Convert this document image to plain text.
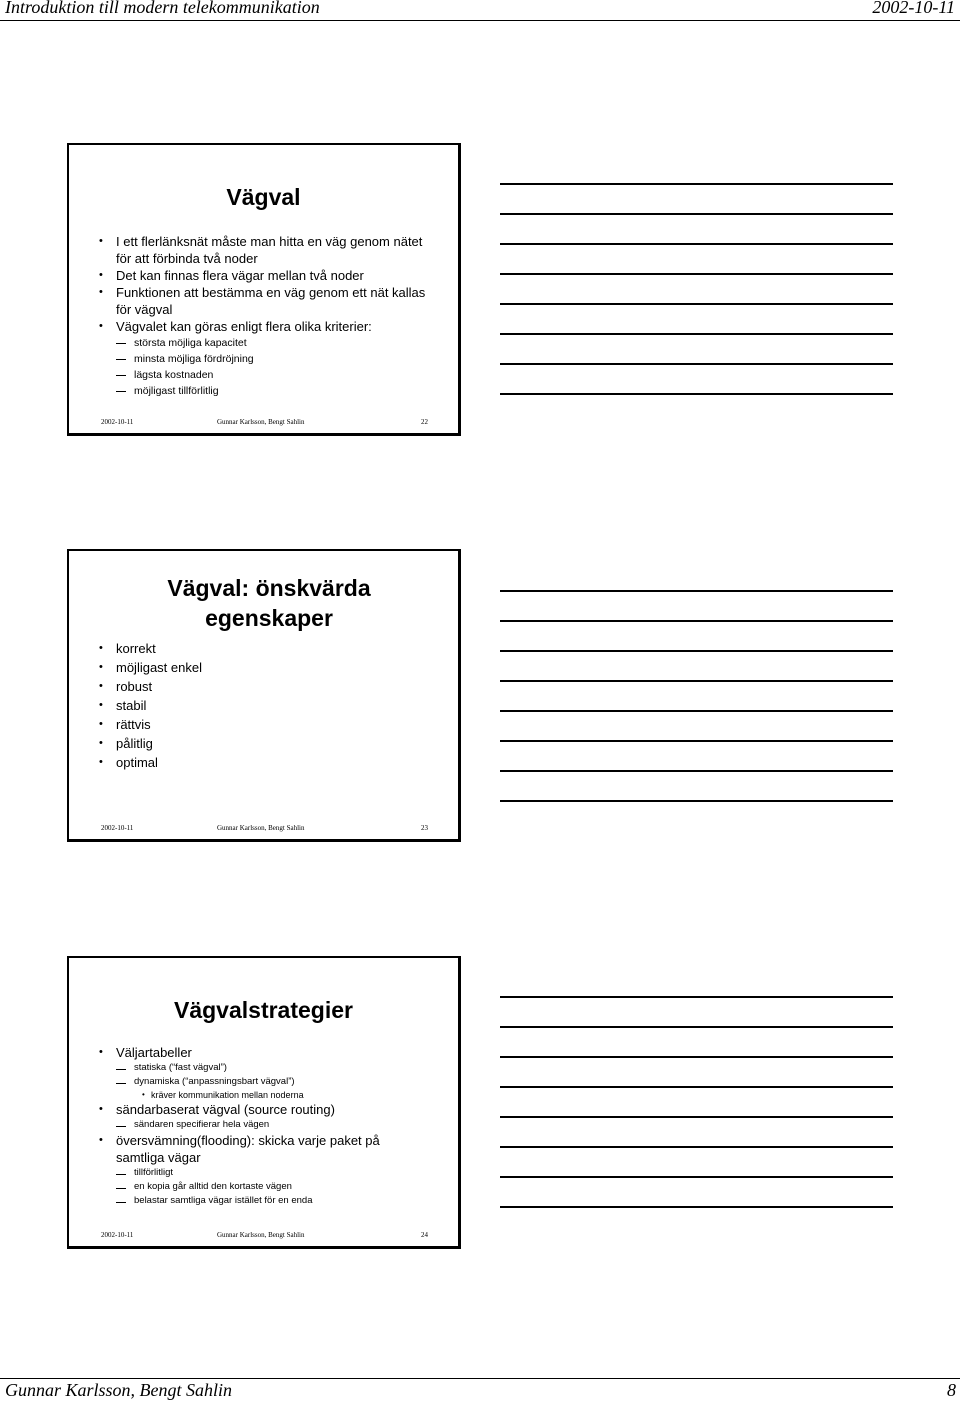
Introduktion till modern telekommunikation	2002-10-11
Vägval
• I ett flerlänksnät måste man hitta en väg genom nätet för att förbinda två noder
• Det kan finnas flera vägar mellan två noder
• Funktionen att bestämma en väg genom ett nät kallas för vägval
• Vägvalet kan göras enligt flera olika kriterier:
största möjliga kapacitet
minsta möjliga fördröjning
lägsta kostnaden
möjligast tillförlitlig
2002-10-11	Gunnar Karlsson, Bengt Sahlin	22
Vägval: önskvärda egenskaper
• korrekt
• möjligast enkel
• robust
• stabil
• rättvis
• pålitlig
• optimal
2002-10-11	Gunnar Karlsson, Bengt Sahlin	23
Vägvalstrategier
• Väljartabeller
statiska (“fast vägval”)
dynamiska (“anpassningsbart vägval”)
• kräver kommunikation mellan noderna
• sändarbaserat vägval (source routing)
sändaren specifierar hela vägen
• översvämning(flooding): skicka varje paket på samtliga vägar
tillförlitligt
en kopia går alltid den kortaste vägen
belastar samtliga vägar istället för en enda
2002-10-11	Gunnar Karlsson, Bengt Sahlin	24
Gunnar Karlsson, Bengt Sahlin	8
